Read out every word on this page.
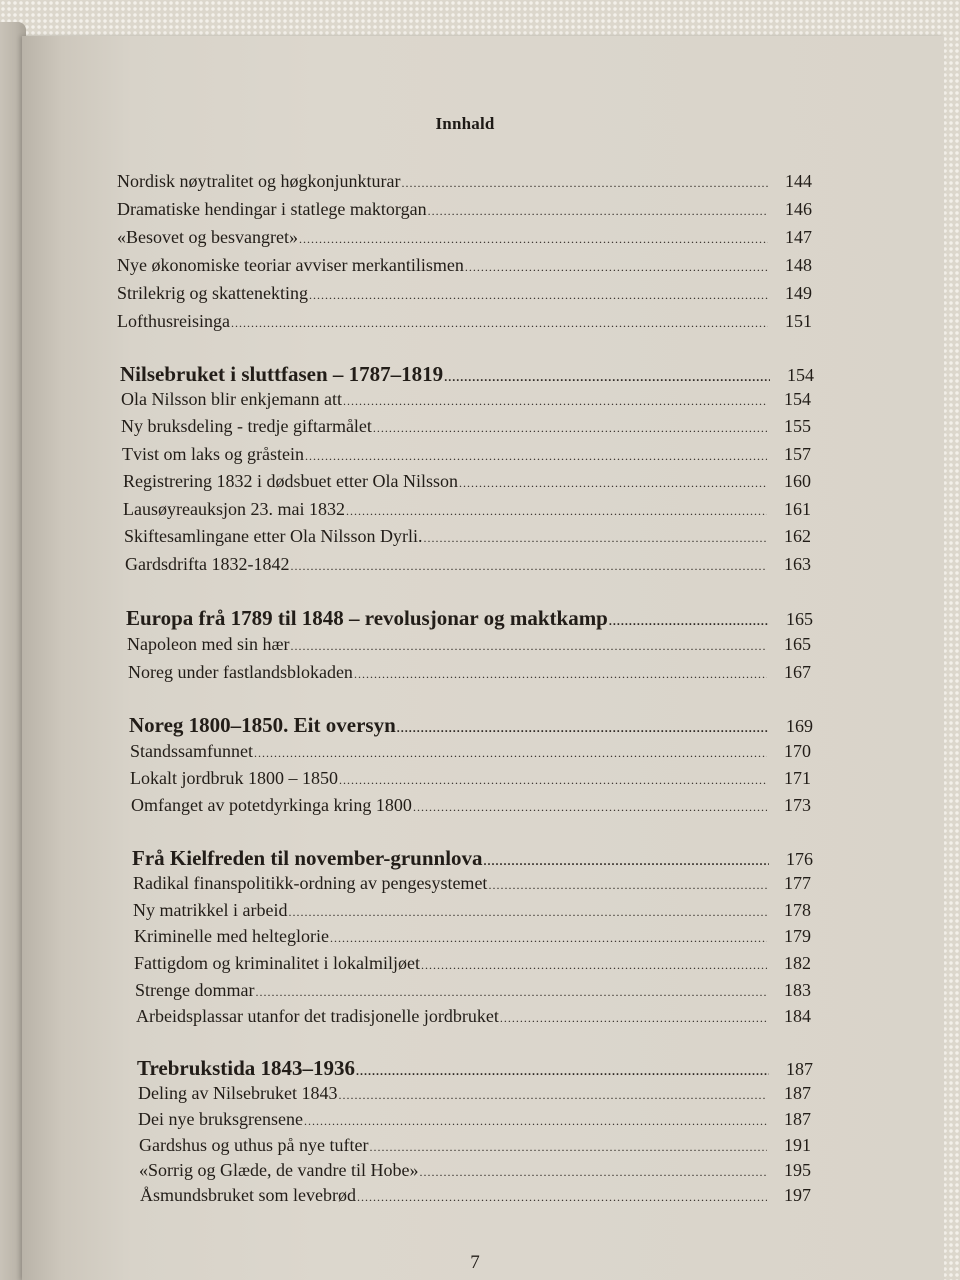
Innhald
Nordisk nøytralitet og høgkonjunkturar .....	144
Dramatiske hendingar i statlege maktorgan .....	146
«Besovet og besvangret» .....	147
Nye økonomiske teoriar avviser merkantilismen .....	148
Strilekrig og skattenekting .....	149
Lofthusreisinga .....	151
Nilsebruket i sluttfasen – 1787–1819 .....	154
Ola Nilsson blir enkjemann att .....	154
Ny bruksdeling - tredje giftarmålet .....	155
Tvist om laks og gråstein .....	157
Registrering 1832 i dødsbuet etter Ola Nilsson .....	160
Lausøyreauksjon 23. mai 1832 .....	161
Skiftesamlingane etter Ola Nilsson Dyrli. .....	162
Gardsdrifta 1832-1842 .....	163
Europa frå 1789 til 1848 – revolusjonar og maktkamp .....	165
Napoleon med sin hær .....	165
Noreg under fastlandsblokaden .....	167
Noreg 1800–1850. Eit oversyn .....	169
Standssamfunnet .....	170
Lokalt jordbruk 1800 – 1850 .....	171
Omfanget av potetdyrkinga kring 1800 .....	173
Frå Kielfreden til november-grunnlova .....	176
Radikal finanspolitikk-ordning av pengesystemet .....	177
Ny matrikkel i arbeid .....	178
Kriminelle med helteglorie .....	179
Fattigdom og kriminalitet i lokalmiljøet .....	182
Strenge dommar .....	183
Arbeidsplassar utanfor det tradisjonelle jordbruket .....	184
Trebrukstida 1843–1936 .....	187
Deling av Nilsebruket 1843 .....	187
Dei nye bruksgrensene .....	187
Gardshus og uthus på nye tufter .....	191
«Sorrig og Glæde, de vandre til Hobe» .....	195
Åsmundsbruket som levebrød .....	197
7
